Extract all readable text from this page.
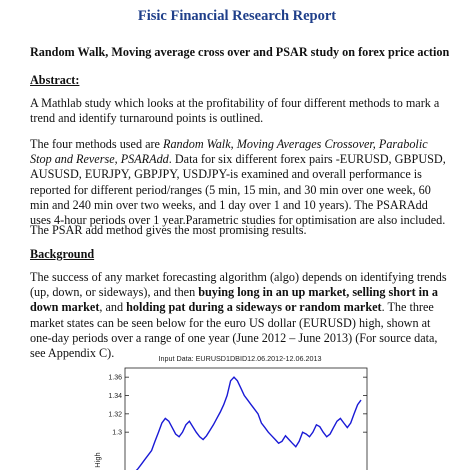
Fisic Financial Research Report
Random Walk, Moving average cross over and PSAR study on forex price action
Abstract:

A Mathlab study which looks at the profitability of four different methods to mark a trend and identify turnaround points is outlined.

The four methods used are Random Walk, Moving Averages Crossover, Parabolic Stop and Reverse, PSARAdd. Data for six different forex pairs -EURUSD, GBPUSD, AUSUSD, EURJPY, GBPJPY, USDJPY-is examined and overall performance is reported for different period/ranges (5 min, 15 min, and 30 min over one week, 60 min and 240 min over two weeks, and 1 day over 1 and 10 years). The PSARAdd uses 4-hour periods over 1 year.Parametric studies for optimisation are also included.

The PSAR add method gives the most promising results.

Background

The success of any market forecasting algorithm (algo) depends on identifying trends (up, down, or sideways), and then buying long in an up market, selling short in a down market, and holding pat during a sideways or random market. The three market states can be seen below for the euro US dollar (EURUSD) high, shown at one-day periods over a range of one year (June 2012 – June 2013) (For source data, see Appendix C).	Input Data: EURUSD1DBID12.06.2012-12.06.2013
1.36
1.34
1.32
1.3
High
